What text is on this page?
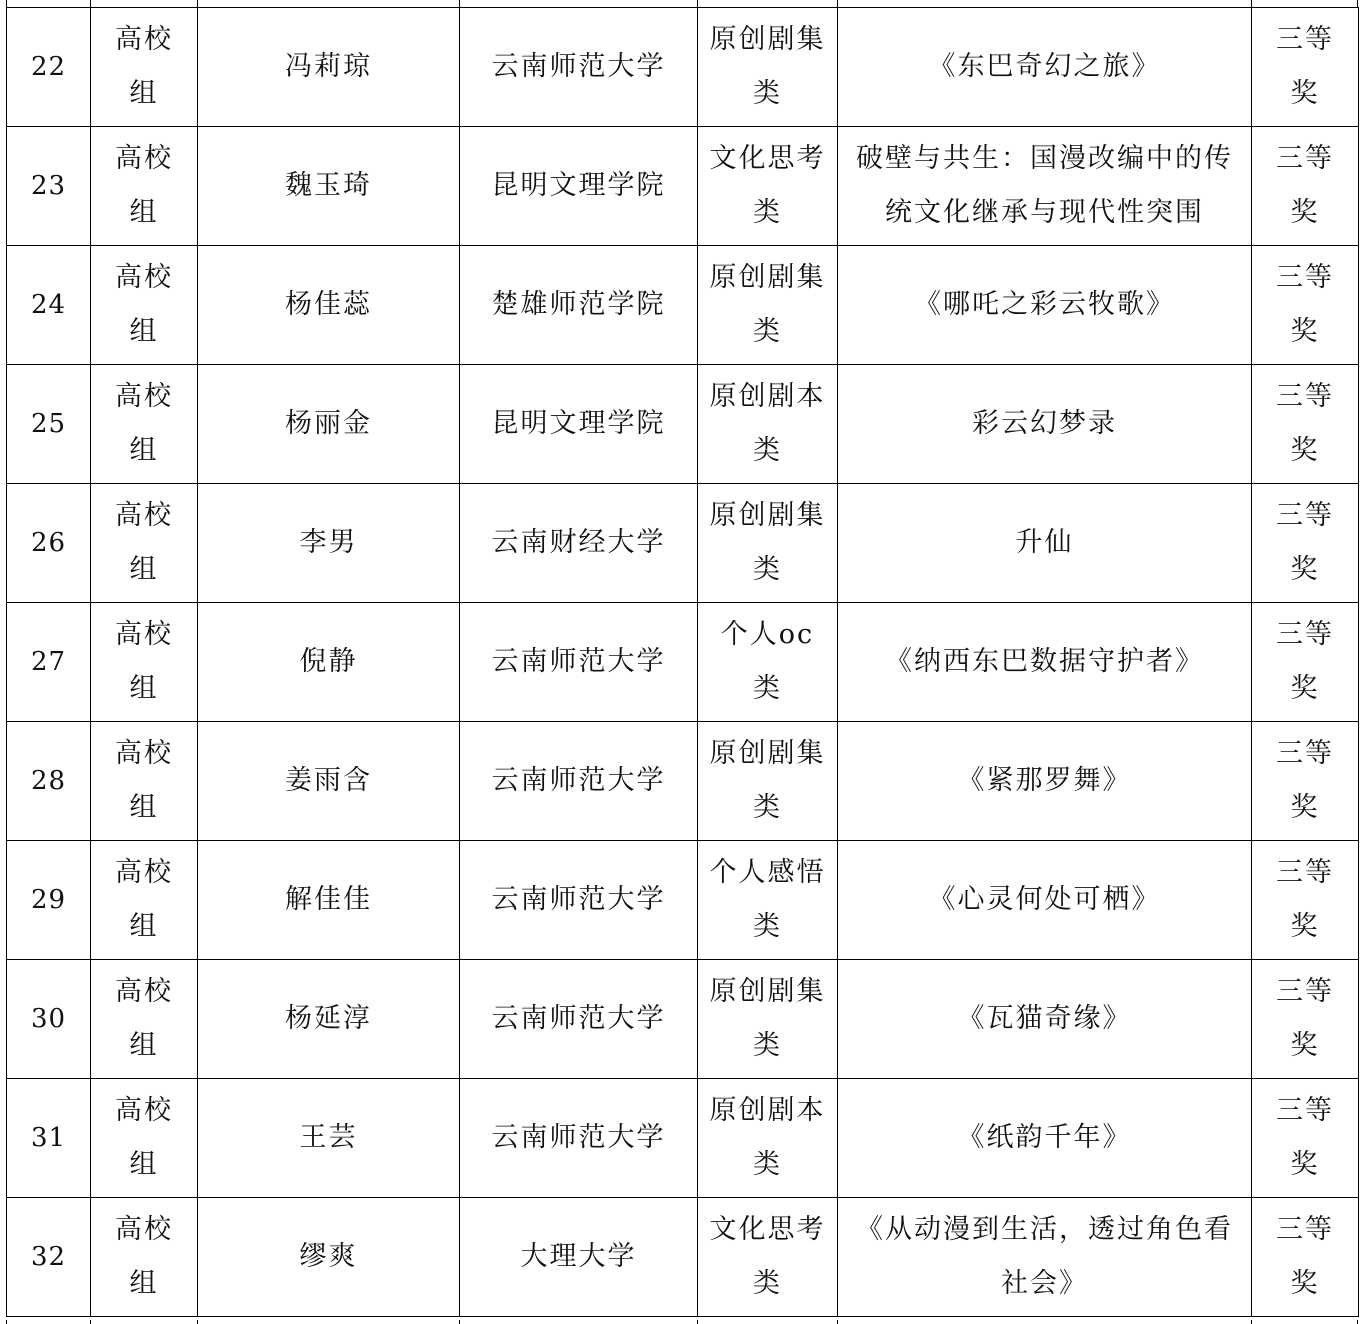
22	高校组	冯莉琼	云南师范大学	原创剧集类	《东巴奇幻之旅》	三等奖
23	高校组	魏玉琦	昆明文理学院	文化思考类	破壁与共生：国漫改编中的传统文化继承与现代性突围	三等奖
24	高校组	杨佳蕊	楚雄师范学院	原创剧集类	《哪吒之彩云牧歌》	三等奖
25	高校组	杨丽金	昆明文理学院	原创剧本类	彩云幻梦录	三等奖
26	高校组	李男	云南财经大学	原创剧集类	升仙	三等奖
27	高校组	倪静	云南师范大学	个人oc类	《纳西东巴数据守护者》	三等奖
28	高校组	姜雨含	云南师范大学	原创剧集类	《紧那罗舞》	三等奖
29	高校组	解佳佳	云南师范大学	个人感悟类	《心灵何处可栖》	三等奖
30	高校组	杨延淳	云南师范大学	原创剧集类	《瓦猫奇缘》	三等奖
31	高校组	王芸	云南师范大学	原创剧本类	《纸韵千年》	三等奖
32	高校组	缪爽	大理大学	文化思考类	《从动漫到生活，透过角色看社会》	三等奖
